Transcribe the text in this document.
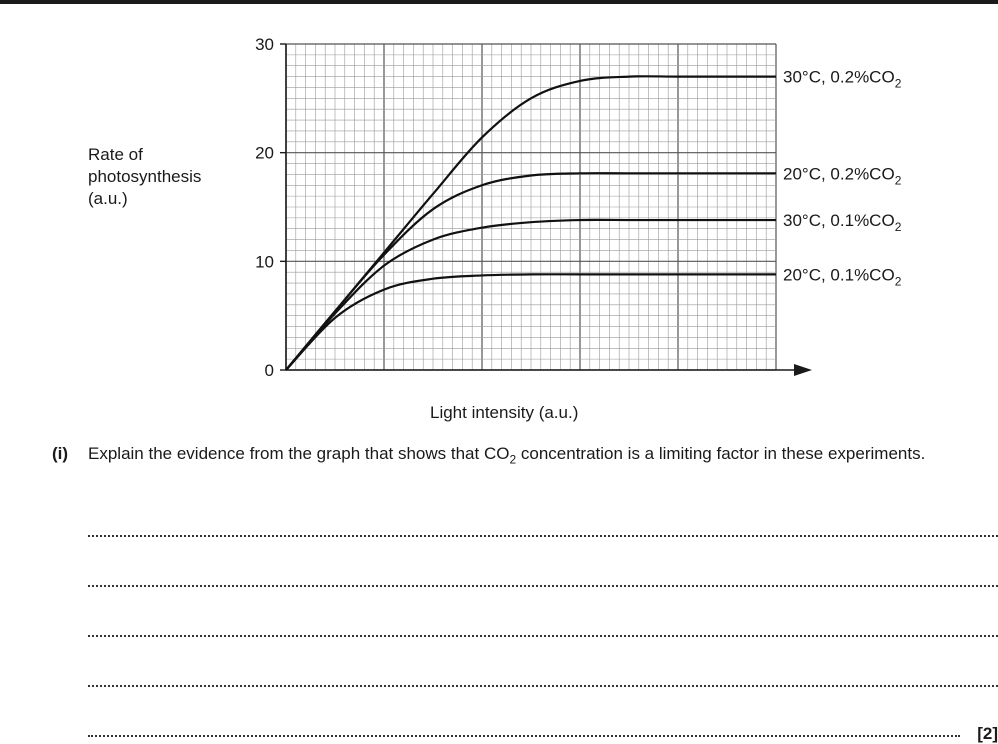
0
10
20
30
30°C, $0.2\%CO_2$
20°C, $0.2\%CO_2$
30°C, $0.1\%CO_2$
20°C, $0.1\%CO_2$
Rate of
photosynthesis
(a.u.)
Light intensity (a.u.)
(i) Explain the evidence from the graph that shows that $CO_2$ concentration is a limiting factor in these experiments.
[2]
